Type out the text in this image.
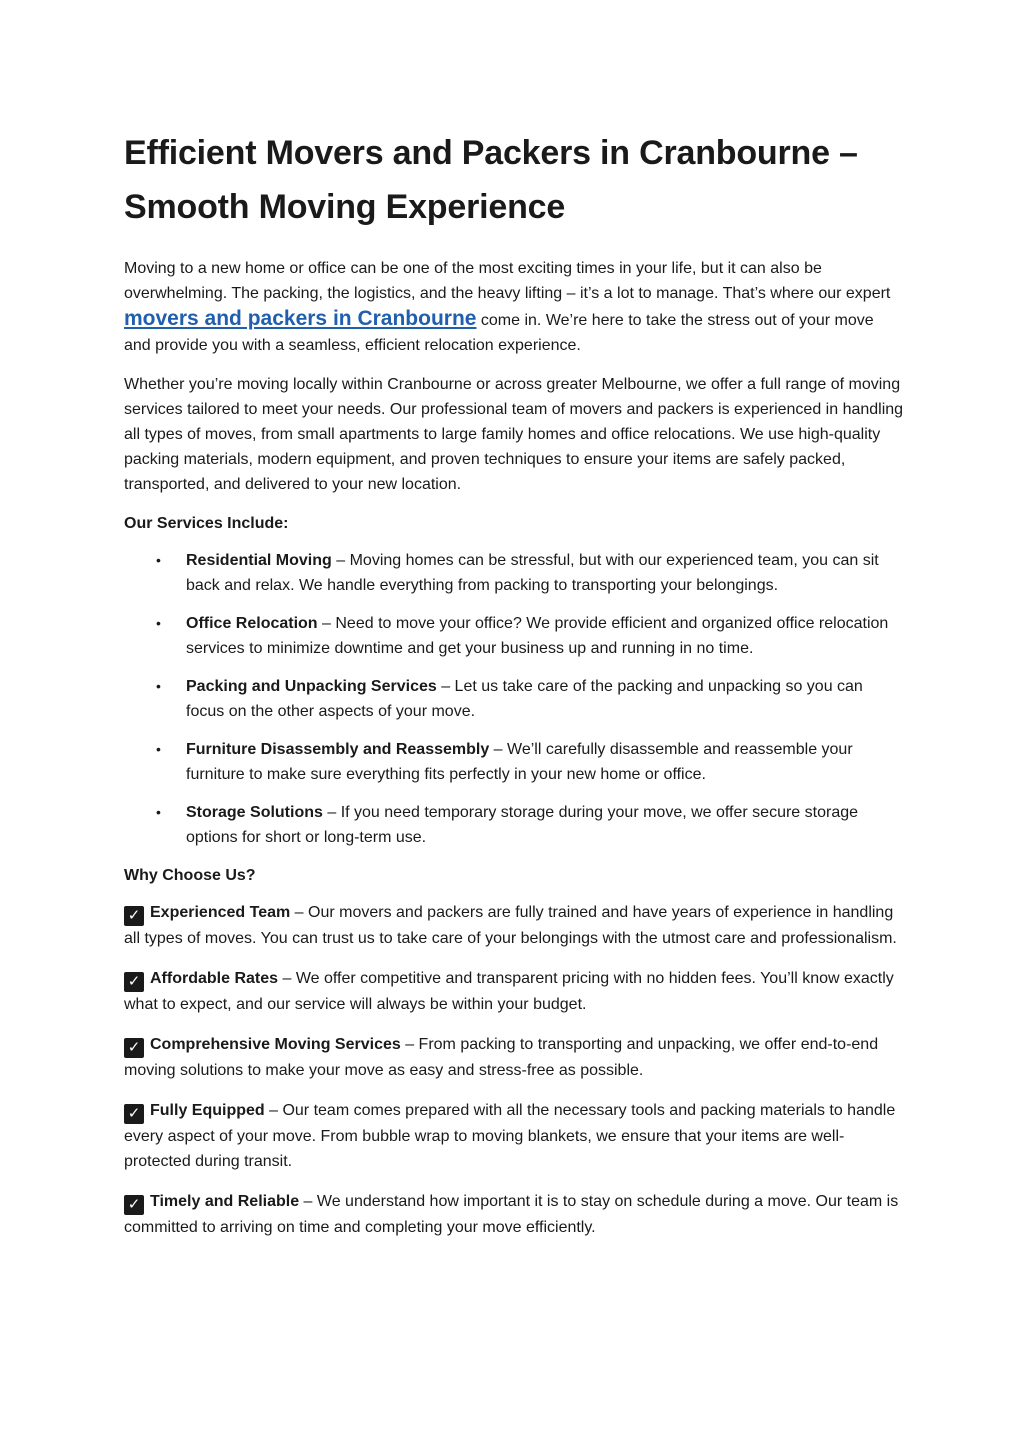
Efficient Movers and Packers in Cranbourne – Smooth Moving Experience

Moving to a new home or office can be one of the most exciting times in your life, but it can also be overwhelming. The packing, the logistics, and the heavy lifting – it’s a lot to manage. That’s where our expert movers and packers in Cranbourne come in. We’re here to take the stress out of your move and provide you with a seamless, efficient relocation experience.

Whether you’re moving locally within Cranbourne or across greater Melbourne, we offer a full range of moving services tailored to meet your needs. Our professional team of movers and packers is experienced in handling all types of moves, from small apartments to large family homes and office relocations. We use high-quality packing materials, modern equipment, and proven techniques to ensure your items are safely packed, transported, and delivered to your new location.

Our Services Include:
• Residential Moving – Moving homes can be stressful, but with our experienced team, you can sit back and relax. We handle everything from packing to transporting your belongings.
• Office Relocation – Need to move your office? We provide efficient and organized office relocation services to minimize downtime and get your business up and running in no time.
• Packing and Unpacking Services – Let us take care of the packing and unpacking so you can focus on the other aspects of your move.
• Furniture Disassembly and Reassembly – We’ll carefully disassemble and reassemble your furniture to make sure everything fits perfectly in your new home or office.
• Storage Solutions – If you need temporary storage during your move, we offer secure storage options for short or long-term use.
Why Choose Us?

✓ Experienced Team – Our movers and packers are fully trained and have years of experience in handling all types of moves. You can trust us to take care of your belongings with the utmost care and professionalism.

✓ Affordable Rates – We offer competitive and transparent pricing with no hidden fees. You’ll know exactly what to expect, and our service will always be within your budget.

✓ Comprehensive Moving Services – From packing to transporting and unpacking, we offer end-to-end moving solutions to make your move as easy and stress-free as possible.

✓ Fully Equipped – Our team comes prepared with all the necessary tools and packing materials to handle every aspect of your move. From bubble wrap to moving blankets, we ensure that your items are well-protected during transit.

✓ Timely and Reliable – We understand how important it is to stay on schedule during a move. Our team is committed to arriving on time and completing your move efficiently.
